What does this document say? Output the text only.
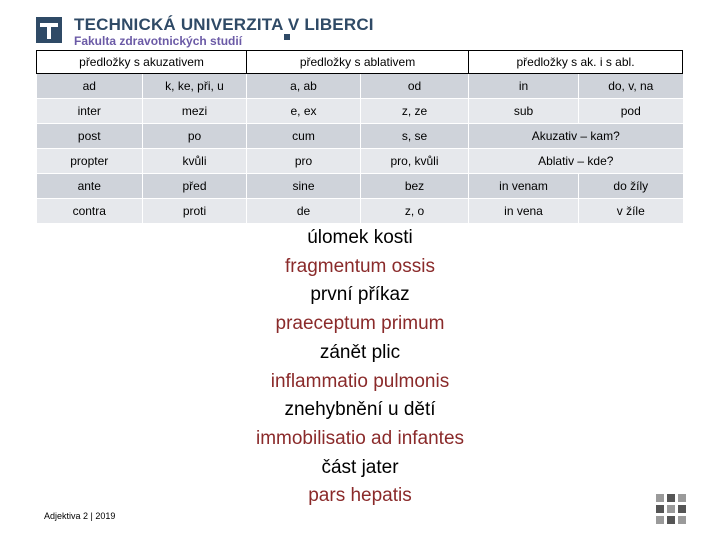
TECHNICKÁ UNIVERZITA V LIBERCI
Fakulta zdravotnických studií
předložky s akuzativem		předložky s ablativem		předložky s ak. i s abl.	
ad	k, ke, při, u	a, ab	od	in	do, v, na
inter	mezi	e, ex	z, ze	sub	pod
post	po	cum	s, se	Akuzativ – kam?	
propter	kvůli	pro	pro, kvůli	Ablativ – kde?	
ante	před	sine	bez	in venam	do žíly
contra	proti	de	z, o	in vena	v žíle
úlomek kosti
fragmentum ossis
první příkaz
praeceptum primum
zánět plic
inflammatio pulmonis
znehybnění u dětí
immobilisatio ad infantes
část jater
pars hepatis
Adjektiva 2 | 2019
